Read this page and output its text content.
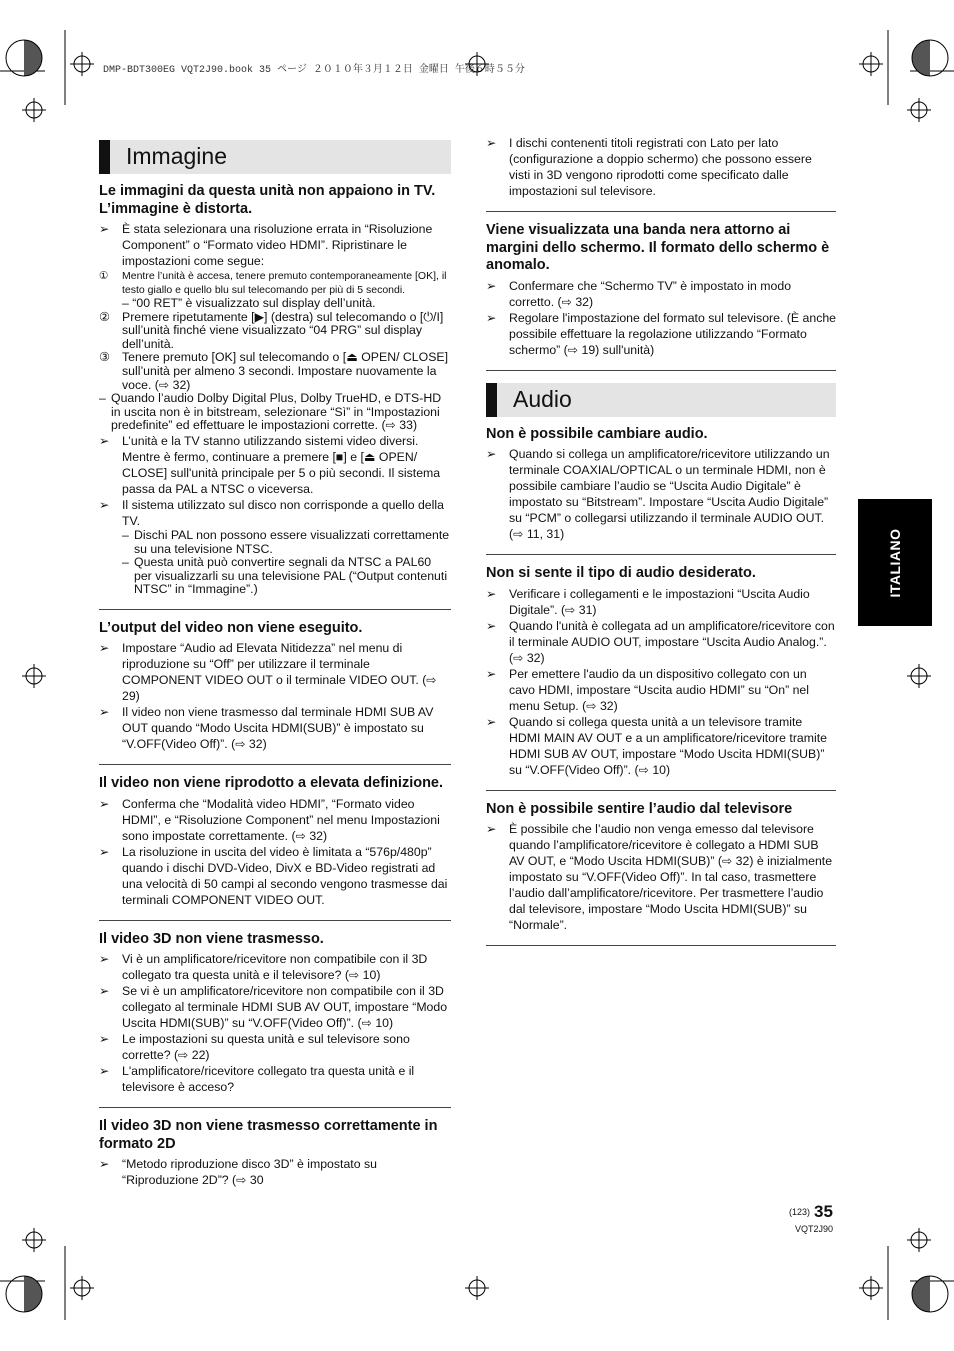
DMP-BDT300EG VQT2J90.book 35 ページ ２０１０年３月１２日 金曜日 午後６時５５分
Immagine
Le immagini da questa unità non appaiono in TV. L’immagine è distorta.
➢	È stata selezionara una risoluzione errata in “Risoluzione Component” o “Formato video HDMI”. Ripristinare le impostazioni come segue:
①	Mentre l’unità è accesa, tenere premuto contemporaneamente [OK], il testo giallo e quello blu sul telecomando per più di 5 secondi.
– “00 RET” è visualizzato sul display dell’unità.
② Premere ripetutamente [▶] (destra) sul telecomando o [⏻/I] sull’unità finché viene visualizzato “04 PRG” sul display dell’unità.
③ Tenere premuto [OK] sul telecomando o [⏏ OPEN/ CLOSE] sull’unità per almeno 3 secondi. Impostare nuovamente la voce. (⇨ 32)
– Quando l’audio Dolby Digital Plus, Dolby TrueHD, e DTS-HD in uscita non è in bitstream, selezionare “Sì” in “Impostazioni predefinite” ed effettuare le impostazioni corrette. (⇨ 33)
➢	L’unità e la TV stanno utilizzando sistemi video diversi. Mentre è fermo, continuare a premere [■] e [⏏ OPEN/ CLOSE] sull'unità principale per 5 o più secondi. Il sistema passa da PAL a NTSC o viceversa.
➢	Il sistema utilizzato sul disco non corrisponde a quello della TV.
– Dischi PAL non possono essere visualizzati correttamente su una televisione NTSC.
– Questa unità può convertire segnali da NTSC a PAL60 per visualizzarli su una televisione PAL (“Output contenuti NTSC” in “Immagine”.)
L’output del video non viene eseguito.
➢	Impostare “Audio ad Elevata Nitidezza” nel menu di riproduzione su “Off” per utilizzare il terminale COMPONENT VIDEO OUT o il terminale VIDEO OUT. (⇨ 29)
➢	Il video non viene trasmesso dal terminale HDMI SUB AV OUT quando “Modo Uscita HDMI(SUB)” è impostato su “V.OFF(Video Off)”. (⇨ 32)
Il video non viene riprodotto a elevata definizione.
➢	Conferma che “Modalità video HDMI”, “Formato video HDMI”, e “Risoluzione Component” nel menu Impostazioni sono impostate correttamente. (⇨ 32)
➢	La risoluzione in uscita del video è limitata a “576p/480p” quando i dischi DVD-Video, DivX e BD-Video registrati ad una velocità di 50 campi al secondo vengono trasmesse dai terminali COMPONENT VIDEO OUT.
Il video 3D non viene trasmesso.
➢	Vi è un amplificatore/ricevitore non compatibile con il 3D collegato tra questa unità e il televisore? (⇨ 10)
➢	Se vi è un amplificatore/ricevitore non compatibile con il 3D collegato al terminale HDMI SUB AV OUT, impostare “Modo Uscita HDMI(SUB)” su “V.OFF(Video Off)”. (⇨ 10)
➢	Le impostazioni su questa unità e sul televisore sono corrette? (⇨ 22)
➢	L'amplificatore/ricevitore collegato tra questa unità e il televisore è acceso?
Il video 3D non viene trasmesso correttamente in formato 2D
➢	“Metodo riproduzione disco 3D” è impostato su “Riproduzione 2D”? (⇨ 30
➢	I dischi contenenti titoli registrati con Lato per lato (configurazione a doppio schermo) che possono essere visti in 3D vengono riprodotti come specificato dalle impostazioni sul televisore.
Viene visualizzata una banda nera attorno ai margini dello schermo. Il formato dello schermo è anomalo.
➢	Confermare che “Schermo TV” è impostato in modo corretto. (⇨ 32)
➢	Regolare l'impostazione del formato sul televisore. (È anche possibile effettuare la regolazione utilizzando “Formato schermo” (⇨ 19) sull'unità)
Audio
Non è possibile cambiare audio.
➢	Quando si collega un amplificatore/ricevitore utilizzando un terminale COAXIAL/OPTICAL o un terminale HDMI, non è possibile cambiare l’audio se “Uscita Audio Digitale” è impostato su “Bitstream”. Impostare “Uscita Audio Digitale” su “PCM” o collegarsi utilizzando il terminale AUDIO OUT. (⇨ 11, 31)
Non si sente il tipo di audio desiderato.
➢	Verificare i collegamenti e le impostazioni “Uscita Audio Digitale”. (⇨ 31)
➢	Quando l'unità è collegata ad un amplificatore/ricevitore con il terminale AUDIO OUT, impostare “Uscita Audio Analog.”. (⇨ 32)
➢	Per emettere l'audio da un dispositivo collegato con un cavo HDMI, impostare “Uscita audio HDMI” su “On” nel menu Setup. (⇨ 32)
➢	Quando si collega questa unità a un televisore tramite HDMI MAIN AV OUT e a un amplificatore/ricevitore tramite HDMI SUB AV OUT, impostare “Modo Uscita HDMI(SUB)” su “V.OFF(Video Off)”. (⇨ 10)
Non è possibile sentire l’audio dal televisore
➢	È possibile che l’audio non venga emesso dal televisore quando l’amplificatore/ricevitore è collegato a HDMI SUB AV OUT, e “Modo Uscita HDMI(SUB)” (⇨ 32) è inizialmente impostato su “V.OFF(Video Off)”. In tal caso, trasmettere l’audio dall’amplificatore/ricevitore. Per trasmettere l’audio dal televisore, impostare “Modo Uscita HDMI(SUB)” su “Normale”.
ITALIANO
$^{(123)}$ 35
VQT2J90
